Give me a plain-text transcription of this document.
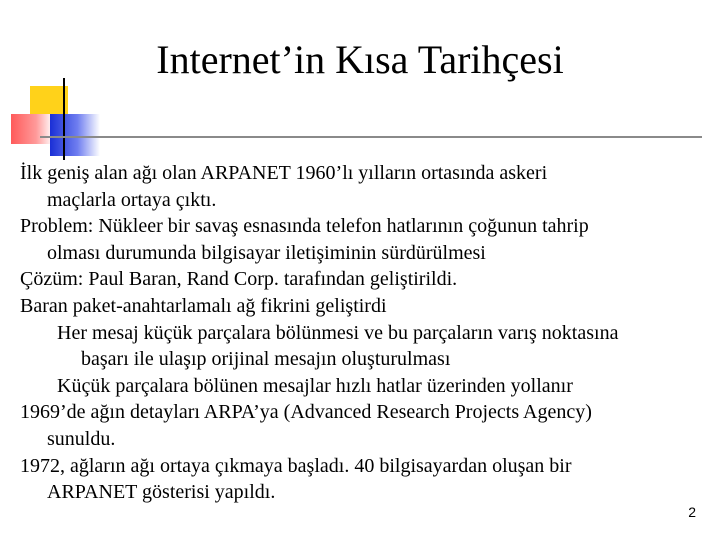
Internet’in Kısa Tarihçesi
İlk geniş alan ağı olan ARPANET 1960’lı yılların ortasında askeri
maçlarla ortaya çıktı.
Problem: Nükleer bir savaş esnasında telefon hatlarının çoğunun tahrip
olması durumunda bilgisayar iletişiminin sürdürülmesi
Çözüm: Paul Baran, Rand Corp. tarafından geliştirildi.
Baran paket-anahtarlamalı ağ fikrini geliştirdi
Her mesaj küçük parçalara bölünmesi ve bu parçaların varış noktasına
başarı ile ulaşıp orijinal mesajın oluşturulması
Küçük parçalara bölünen mesajlar hızlı hatlar üzerinden yollanır
1969’de ağın detayları ARPA’ya (Advanced Research Projects Agency)
sunuldu.
1972, ağların ağı ortaya çıkmaya başladı. 40 bilgisayardan oluşan bir
ARPANET gösterisi yapıldı.
2
